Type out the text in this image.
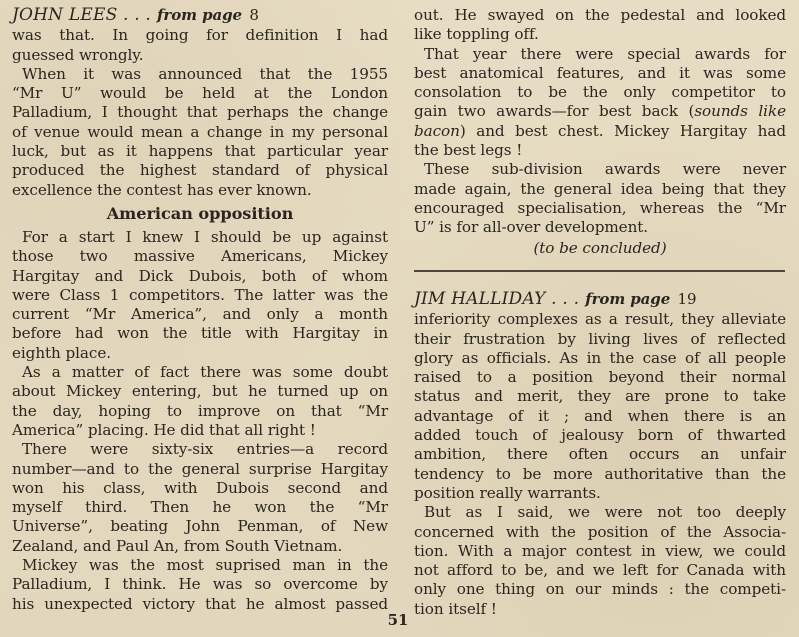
JOHN LEES . . . from page 8
was that. In going for definition I had
guessed wrongly.
When it was announced that the 1955
“Mr U” would be held at the London
Palladium, I thought that perhaps the change
of venue would mean a change in my personal
luck, but as it happens that particular year
produced the highest standard of physical
excellence the contest has ever known.
American opposition
For a start I knew I should be up against
those two massive Americans, Mickey
Hargitay and Dick Dubois, both of whom
were Class 1 competitors. The latter was the
current “Mr America”, and only a month
before had won the title with Hargitay in
eighth place.
As a matter of fact there was some doubt
about Mickey entering, but he turned up on
the day, hoping to improve on that “Mr
America” placing. He did that all right !
There were sixty-six entries—a record
number—and to the general surprise Hargitay
won his class, with Dubois second and
myself third. Then he won the “Mr
Universe”, beating John Penman, of New
Zealand, and Paul An, from South Vietnam.
Mickey was the most suprised man in the
Palladium, I think. He was so overcome by
his unexpected victory that he almost passed
out. He swayed on the pedestal and looked
like toppling off.
That year there were special awards for
best anatomical features, and it was some
consolation to be the only competitor to
gain two awards—for best back (sounds like
bacon) and best chest. Mickey Hargitay had
the best legs !
These sub-division awards were never
made again, the general idea being that they
encouraged specialisation, whereas the “Mr
U” is for all-over development.
(to be concluded)
JIM HALLIDAY . . . from page 19
inferiority complexes as a result, they alleviate
their frustration by living lives of reflected
glory as officials. As in the case of all people
raised to a position beyond their normal
status and merit, they are prone to take
advantage of it ; and when there is an
added touch of jealousy born of thwarted
ambition, there often occurs an unfair
tendency to be more authoritative than the
position really warrants.
But as I said, we were not too deeply
concerned with the position of the Associa-
tion. With a major contest in view, we could
not afford to be, and we left for Canada with
only one thing on our minds : the competi-
tion itself !
51
